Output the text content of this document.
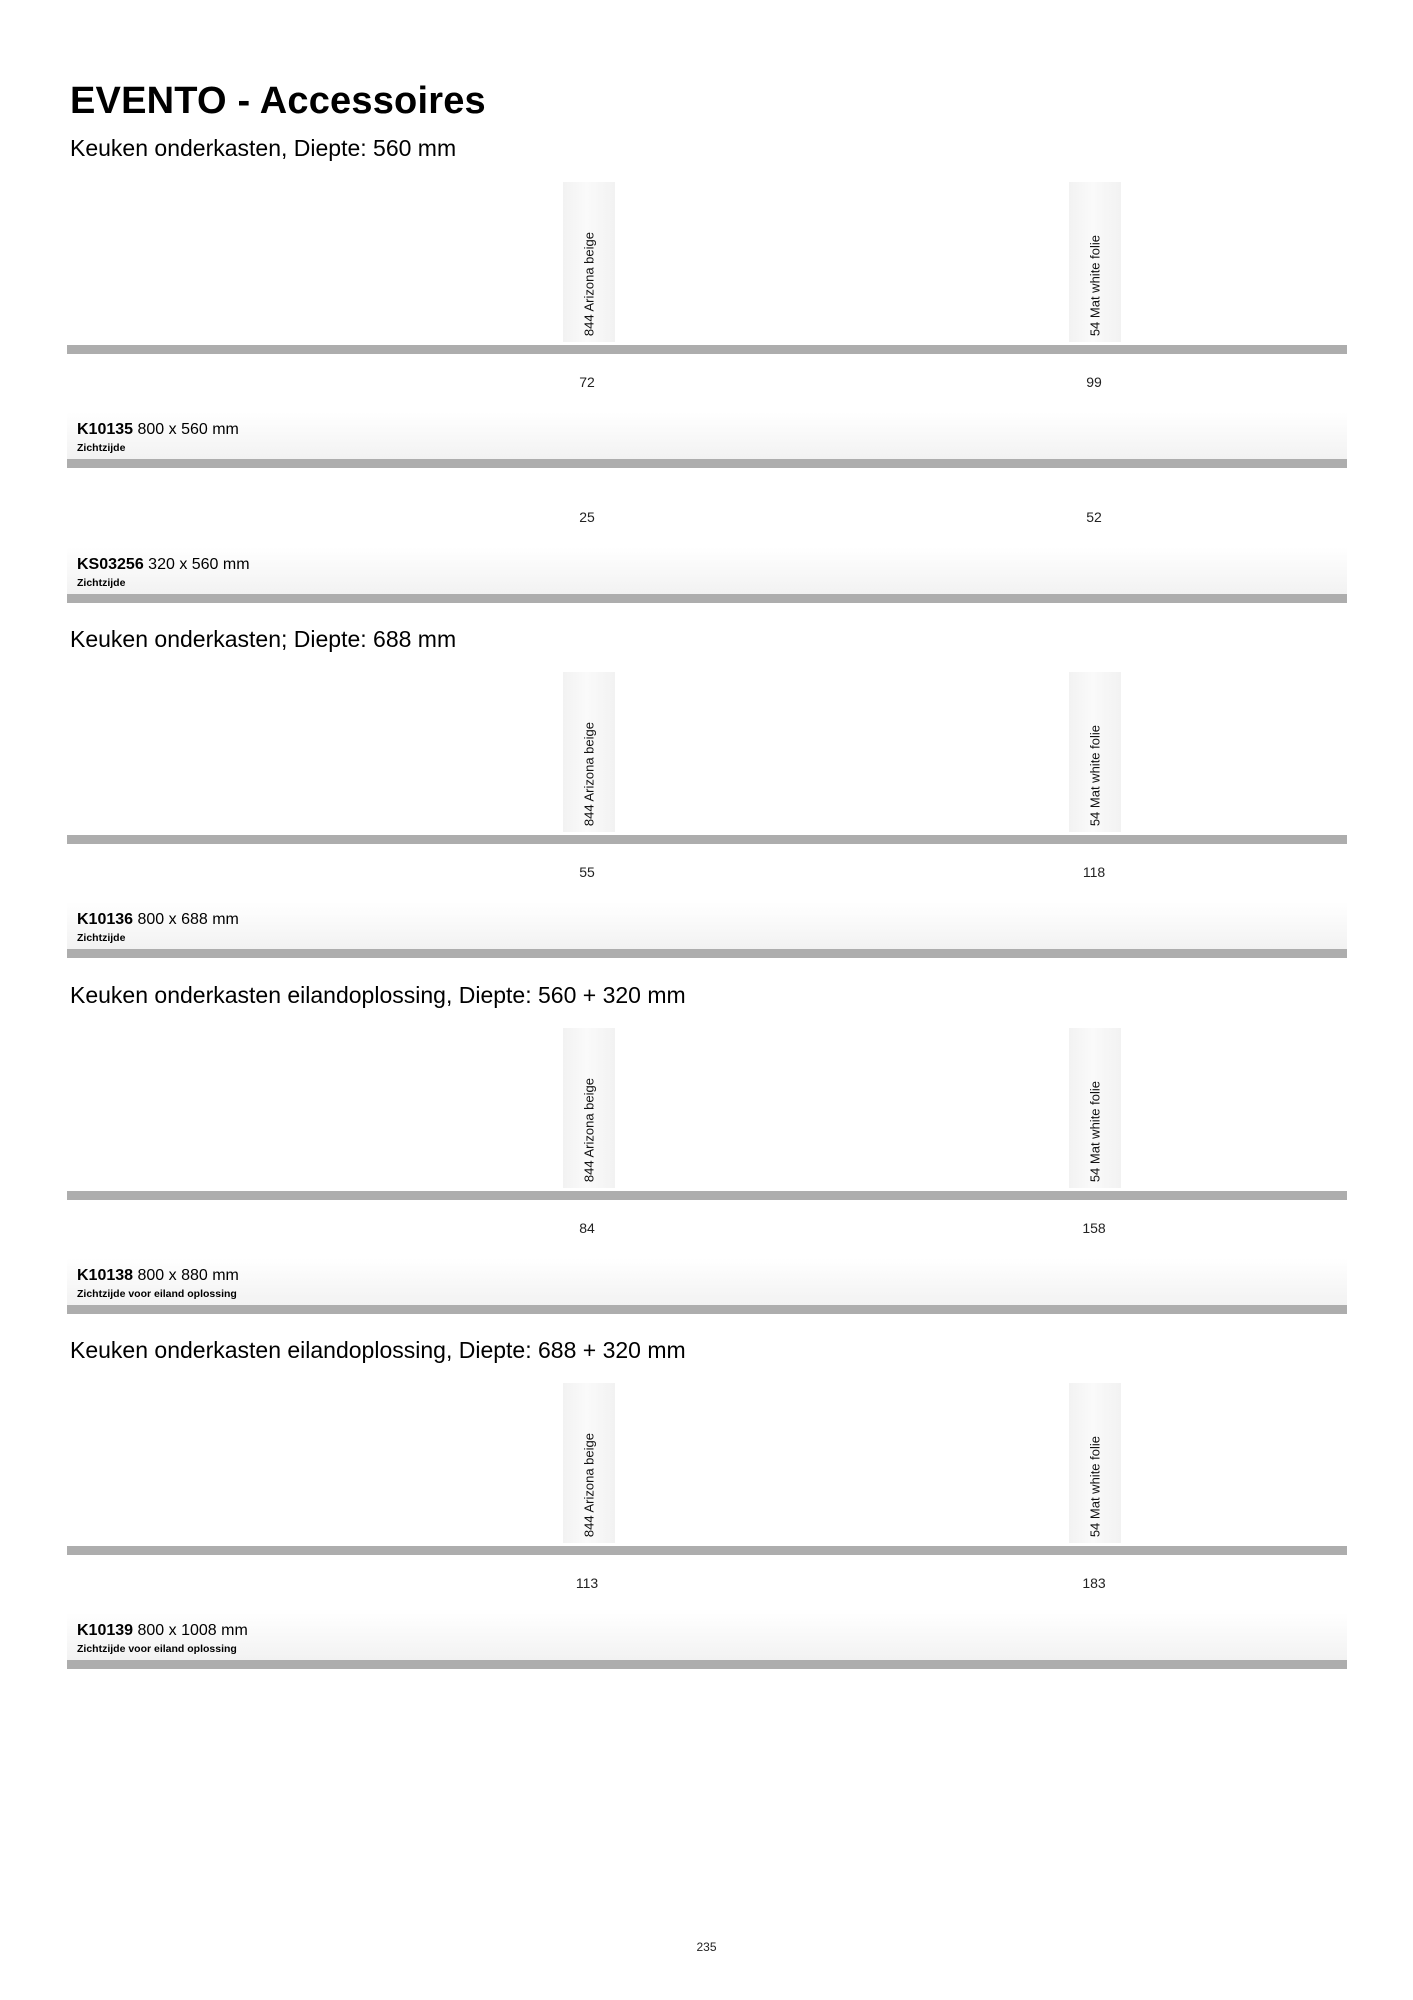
EVENTO - Accessoires
Keuken onderkasten, Diepte: 560 mm
844 Arizona beige	54 Mat white folie
72	99
K10135 800 x 560 mm
Zichtzijde
25	52
KS03256 320 x 560 mm
Zichtzijde
Keuken onderkasten; Diepte: 688 mm
844 Arizona beige	54 Mat white folie
55	118
K10136 800 x 688 mm
Zichtzijde
Keuken onderkasten eilandoplossing, Diepte: 560 + 320 mm
844 Arizona beige	54 Mat white folie
84	158
K10138 800 x 880 mm
Zichtzijde voor eiland oplossing
Keuken onderkasten eilandoplossing, Diepte: 688 + 320 mm
844 Arizona beige	54 Mat white folie
113	183
K10139 800 x 1008 mm
Zichtzijde voor eiland oplossing
235
